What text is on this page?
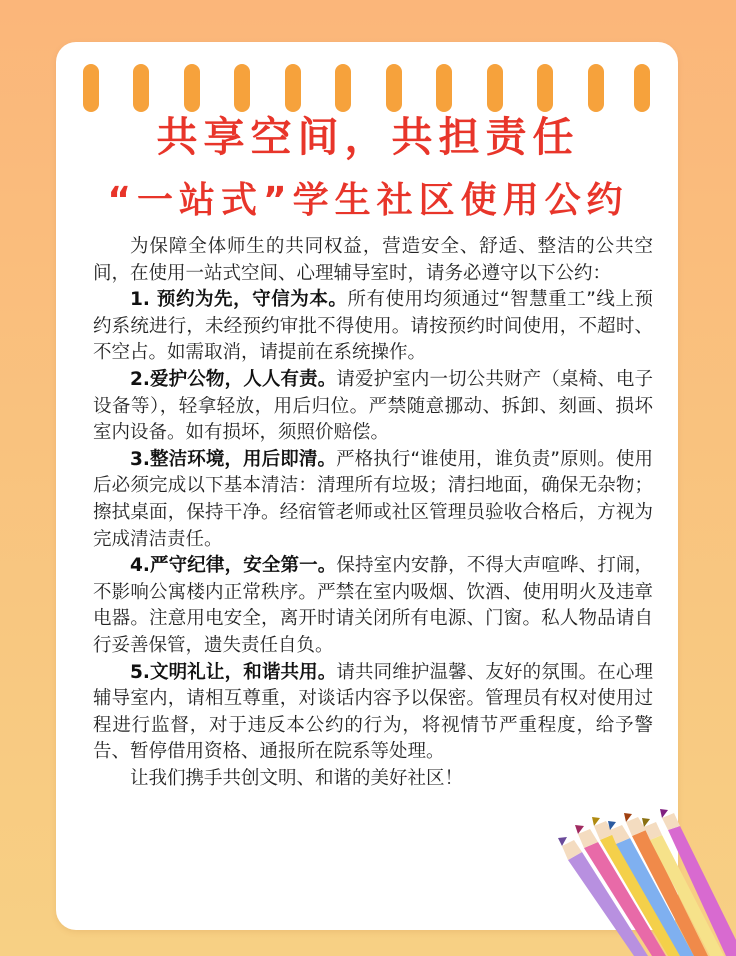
共享空间，共担责任
“一站式”学生社区使用公约

为保障全体师生的共同权益，营造安全、舒适、整洁的公共空间，在使用一站式空间、心理辅导室时，请务必遵守以下公约：

1. 预约为先，守信为本。所有使用均须通过“智慧重工”线上预约系统进行，未经预约审批不得使用。请按预约时间使用，不超时、不空占。如需取消，请提前在系统操作。

2.爱护公物，人人有责。请爱护室内一切公共财产（桌椅、电子设备等），轻拿轻放，用后归位。严禁随意挪动、拆卸、刻画、损坏室内设备。如有损坏，须照价赔偿。

3.整洁环境，用后即清。严格执行“谁使用，谁负责”原则。使用后必须完成以下基本清洁：清理所有垃圾；清扫地面，确保无杂物；擦拭桌面，保持干净。经宿管老师或社区管理员验收合格后，方视为完成清洁责任。

4.严守纪律，安全第一。保持室内安静，不得大声喧哗、打闹，不影响公寓楼内正常秩序。严禁在室内吸烟、饮酒、使用明火及违章电器。注意用电安全，离开时请关闭所有电源、门窗。私人物品请自行妥善保管，遗失责任自负。

5.文明礼让，和谐共用。请共同维护温馨、友好的氛围。在心理辅导室内，请相互尊重，对谈话内容予以保密。管理员有权对使用过程进行监督，对于违反本公约的行为，将视情节严重程度，给予警告、暂停借用资格、通报所在院系等处理。

让我们携手共创文明、和谐的美好社区！
